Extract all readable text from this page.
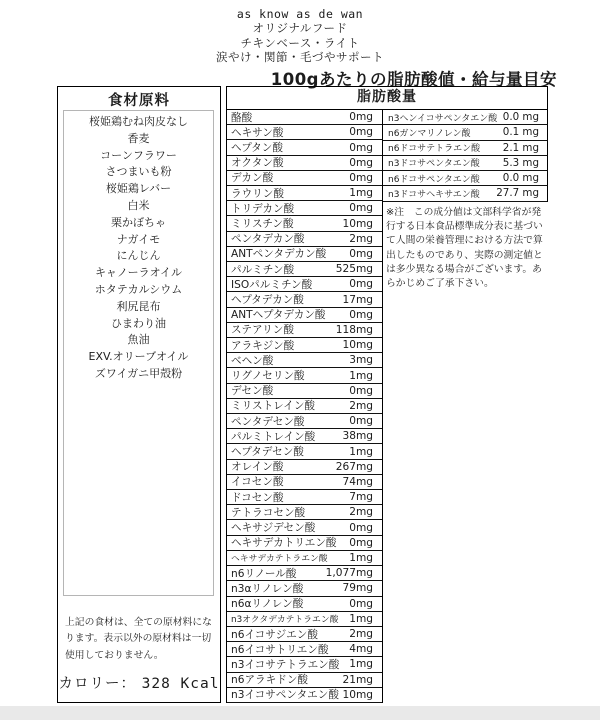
as know as de wan
オリジナルフード
チキンベース・ライト
涙やけ・関節・毛づやサポート
100gあたりの脂肪酸値・給与量目安
食材原料
桜姫鶏むね肉皮なし
香麦
コーンフラワー
さつまいも粉
桜姫鶏レバー
白米
栗かぼちゃ
ナガイモ
にんじん
キャノーラオイル
ホタテカルシウム
利尻昆布
ひまわり油
魚油
EXV.オリーブオイル
ズワイガニ甲殻粉
上記の食材は、全ての原材料になります。表示以外の原材料は一切使用しておりません。
カロリー： 328 Kcal
脂肪酸量
酪酸	0mg
ヘキサン酸	0mg
ヘプタン酸	0mg
オクタン酸	0mg
デカン酸	0mg
ラウリン酸	1mg
トリデカン酸	0mg
ミリスチン酸	10mg
ペンタデカン酸	2mg
ANTペンタデカン酸 0mg
パルミチン酸	525mg
ISOパルミチン酸	0mg
ヘプタデカン酸	17mg
ANTヘプタデカン酸 0mg
ステアリン酸	118mg
アラキジン酸	10mg
ベヘン酸	3mg
リグノセリン酸	1mg
デセン酸	0mg
ミリストレイン酸	2mg
ペンタデセン酸	0mg
パルミトレイン酸	38mg
ヘプタデセン酸	1mg
オレイン酸	267mg
イコセン酸	74mg
ドコセン酸	7mg
テトラコセン酸	2mg
ヘキサジデセン酸	0mg
ヘキサデカトリエン酸 0mg
ヘキサデカテトラエン酸 1mg
n6リノール酸	1,077mg
n3αリノレン酸	79mg
n6αリノレン酸	0mg
n3オクタデカテトラエン酸 1mg
n6イコサジエン酸	2mg
n6イコサトリエン酸 4mg
n3イコサテトラエン酸 1mg
n6アラキドン酸	21mg
n3イコサペンタエン酸 10mg
n3ヘンイコサペンタエン酸 0.0 mg
n6ガンマリノレン酸	0.1 mg
n6ドコサテトラエン酸 2.1 mg
n3ドコサペンタエン酸 5.3 mg
n6ドコサペンタエン酸 0.0 mg
n3ドコサヘキサエン酸 27.7 mg
※注　この成分値は文部科学省が発行する日本食品標準成分表に基づいて人間の栄養管理における方法で算出したものであり、実際の測定値とは多少異なる場合がございます。あらかじめご了承下さい。
